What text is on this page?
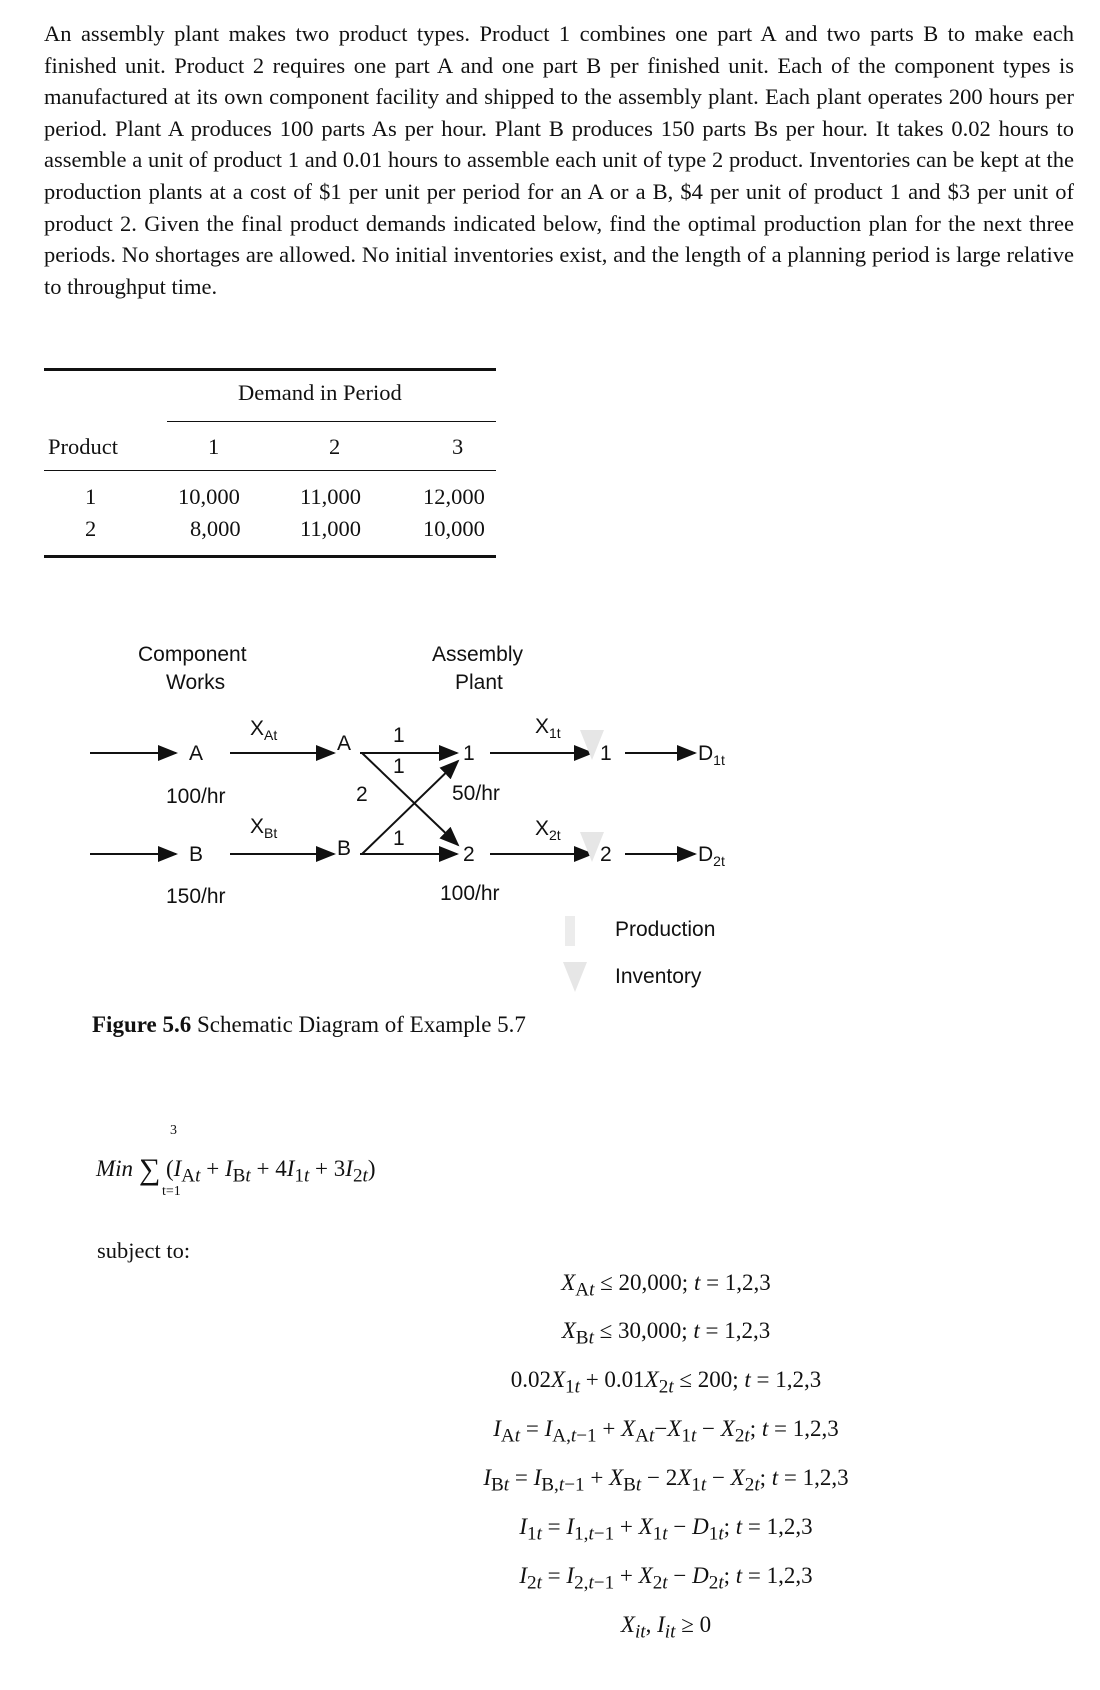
An assembly plant makes two product types. Product 1 combines one part A and two parts B to make each finished unit. Product 2 requires one part A and one part B per finished unit. Each of the component types is manufactured at its own component facility and shipped to the assembly plant. Each plant operates 200 hours per period. Plant A produces 100 parts As per hour. Plant B produces 150 parts Bs per hour. It takes 0.02 hours to assemble a unit of product 1 and 0.01 hours to assemble each unit of type 2 product. Inventories can be kept at the production plants at a cost of $1 per unit per period for an A or a B, $4 per unit of product 1 and $3 per unit of product 2. Given the final product demands indicated below, find the optimal production plan for the next three periods. No shortages are allowed. No initial inventories exist, and the length of a planning period is large relative to throughput time.

Demand in Period
Product	1	2	3
1	10,000	11,000	12,000
2	8,000	11,000	10,000
Component
Works
Assembly
Plant
A
B
100/hr
150/hr
$X_{At}$
$X_{Bt}$
A
B
1
1
2
1
1
2
50/hr
100/hr
$X_{1t}$
$X_{2t}$
1
2
$D_{1t}$
$D_{2t}$
Production
Inventory
Figure 5.6 Schematic Diagram of Example 5.7
3
Min ∑ $(I_{At} + I_{Bt} + 4I_{1t} + 3I_{2t})$
t=1
subject to:
$X_{At} \le 20,000$; t = 1,2,3
$X_{Bt} \le 30,000$; t = 1,2,3
$0.02X_{1t} + 0.01X_{2t} \le 200$; t = 1,2,3
$I_{At} = I_{A,t-1} + X_{At}-X_{1t} - X_{2t}$; t = 1,2,3
$I_{Bt} = I_{B,t-1} + X_{Bt} - 2X_{1t} - X_{2t}$; t = 1,2,3
$I_{1t} = I_{1,t-1} + X_{1t} - D_{1t}$; t = 1,2,3
$I_{2t} = I_{2,t-1} + X_{2t} - D_{2t}$; t = 1,2,3
$X_{it}$, $I_{it} \ge 0$
